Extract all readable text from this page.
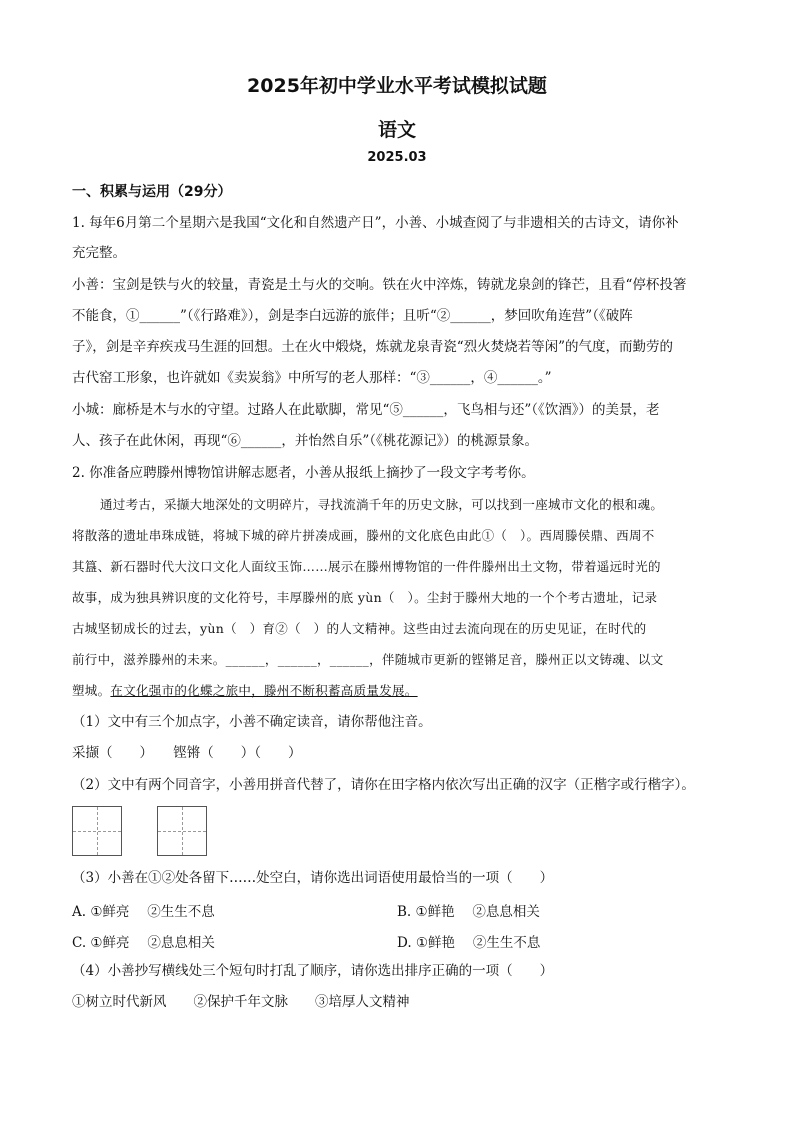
2025年初中学业水平考试模拟试题
语文
2025.03
一、积累与运用（29分）
1. 每年6月第二个星期六是我国“文化和自然遗产日”，小善、小城查阅了与非遗相关的古诗文，请你补
充完整。
小善：宝剑是铁与火的较量，青瓷是土与火的交响。铁在火中淬炼，铸就龙泉剑的锋芒，且看“停杯投箸
不能食，①______”（《行路难》），剑是李白远游的旅伴；且听“②______，梦回吹角连营”（《破阵
子》，剑是辛弃疾戎马生涯的回想。土在火中煅烧，炼就龙泉青瓷“烈火焚烧若等闲”的气度，而勤劳的
古代窑工形象，也许就如《卖炭翁》中所写的老人那样：“③______，④______。”
小城：廊桥是木与水的守望。过路人在此歇脚，常见“⑤______，飞鸟相与还”（《饮酒》）的美景，老
人、孩子在此休闲，再现“⑥______，并怡然自乐”（《桃花源记》）的桃源景象。
2. 你准备应聘滕州博物馆讲解志愿者，小善从报纸上摘抄了一段文字考考你。
通过考古，采撷大地深处的文明碎片，寻找流淌千年的历史文脉，可以找到一座城市文化的根和魂。
将散落的遗址串珠成链，将城下城的碎片拼凑成画，滕州的文化底色由此①（　）。西周滕侯鼎、西周不
其簋、新石器时代大汶口文化人面纹玉饰……展示在滕州博物馆的一件件滕州出土文物，带着遥远时光的
故事，成为独具辨识度的文化符号，丰厚滕州的底 yùn（　）。尘封于滕州大地的一个个考古遗址，记录
古城坚韧成长的过去，yùn（　）育②（　）的人文精神。这些由过去流向现在的历史见证，在时代的
前行中，滋养滕州的未来。______，______，______，伴随城市更新的铿锵足音，滕州正以文铸魂、以文
塑城。在文化强市的化蝶之旅中，滕州不断积蓄高质量发展。
（1）文中有三个加点字，小善不确定读音，请你帮他注音。
采撷（　　）　　铿锵（　　）（　　）
（2）文中有两个同音字，小善用拼音代替了，请你在田字格内依次写出正确的汉字（正楷字或行楷字）。
（3）小善在①②处各留下……处空白，请你选出词语使用最恰当的一项（　　）
A. ①鲜亮　 ②生生不息	B. ①鲜艳　 ②息息相关
C. ①鲜亮　 ②息息相关	D. ①鲜艳　 ②生生不息
（4）小善抄写横线处三个短句时打乱了顺序，请你选出排序正确的一项（　　）
①树立时代新风　　②保护千年文脉　　③培厚人文精神
